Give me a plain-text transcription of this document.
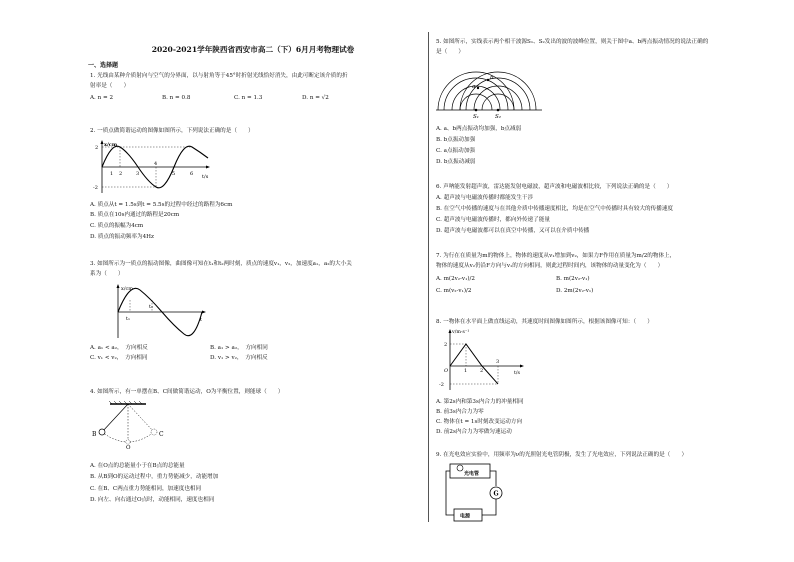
2020-2021学年陕西省西安市高二（下）6月月考物理试卷
一、选择题
1. 光线由某种介质射向与空气的分界面，以与射角等于45°时折射光线恰好消失，由此可断定该介质的折
射率是（　　）
A. n = 2	B. n = 0.8	C. n = 1.3	D. n = √2
2. 一质点做简谐运动的图像如图所示，下列说法正确的是（　　）
x/cm
t/s
2
-2
1 2	3
4
5	6
A. 质点从t = 1.5s到t = 5.5s的过程中经过的路程为6cm
B. 质点在10s内通过的路程是20cm
C. 质点的振幅为4cm
D. 质点的振动频率为4Hz
3. 如图所示为一质点的振动图像，曲图像可知在t₁和t₂两时刻，质点的速度v₁，v₂，加速度a₁，a₂的大小关
系为（　　）
x/cm
t
t₁
t₂
A. a₁ < a₂，　方向相反	B. a₁ > a₂，　方向相同
C. v₁ < v₂，　方向相同	D. v₁ > v₂，　方向相反
4. 如图所示，有一单摆在B、C间做简谐运动，O为平衡位置，则能球（　　）
B
O
C
A. 在O点的总能量小于在B点的总能量
B. 从B到O的运动过程中，重力势能减少，动能增加
C. 在B、C两点重力势能相同，加速度也相同
D. 向左、向右通过O点时，动能相同，速度也相同
5. 如图所示，实线表示两个相干波源S₁、S₂发出的波的波峰位置，则关于图中a、b两点振动情况的说法正确的
是（　　）
a
b
S₁	S₂
A. a、b两点振动均加强，b点减弱
B. b点振动加强
C. a点振动加强
D. b点振动减弱
6. 声呐能发射超声波，雷达能发射电磁波，超声波和电磁波相比较，下列说法正确的是（　　）
A. 超声波与电磁波传播时都能发生干涉
B. 在空气中传播的速度与在其他介质中传播速度相比，均是在空气中传播时具有较大的传播速度
C. 超声波与电磁波传播时，都向外传递了能量
D. 超声波与电磁波都可以在真空中传播，又可以在介质中传播
7. 为行在在质量为m的物体上，物体的速度从v₁增加到v₂，如果力F作用在质量为m/2的物体上，
物体的速度从v₂仍沿F方向与v₁的方向相同，则此过程时间内，该物体的动量变化为（　　）
A. m(2v₂-v₁)/2	B. m(2v₂-v₁)
C. m(v₂-v₁)/2	D. 2m(2v₂-v₁)
8. 一物体在水平面上做直线运动，其速度时间图像如图所示，根据该图像可知：（　　）
v/m·s⁻¹
t/s
2
-2
O	1	2
3
A. 第2s内和第3s内合力的冲量相同
B. 前3s内合力为零
C. 物体在t = 1s时刻改变运动方向
D. 前2s内合力为零做匀速运动
9. 在光电效应实验中，用频率为ν的光照射光电管阴极，发生了光电效应，下列说法正确的是（　　）
光电管
G
电源
